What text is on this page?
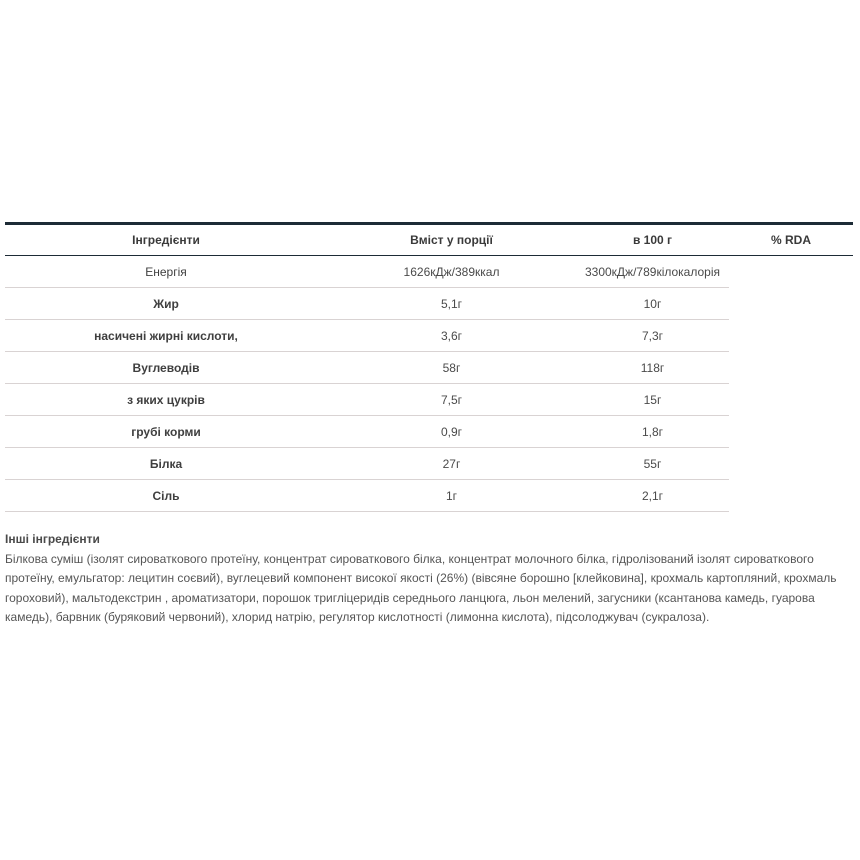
Інгредієнти	Вміст у порції	в 100 г	% RDA
Енергія	1626кДж/389ккал	3300кДж/789кілокалорія	
Жир	5,1г	10г	
насичені жирні кислоти,	3,6г	7,3г	
Вуглеводів	58г	118г	
з яких цукрів	7,5г	15г	
грубі корми	0,9г	1,8г	
Білка	27г	55г	
Сіль	1г	2,1г	
Інші інгредієнти
Білкова суміш (ізолят сироваткового протеїну, концентрат сироваткового білка, концентрат молочного білка, гідролізований ізолят сироваткового протеїну, емульгатор: лецитин соєвий), вуглецевий компонент високої якості (26%) (вівсяне борошно [клейковина], крохмаль картопляний, крохмаль гороховий), мальтодекстрин , ароматизатори, порошок тригліцеридів середнього ланцюга, льон мелений, загусники (ксантанова камедь, гуарова камедь), барвник (буряковий червоний), хлорид натрію, регулятор кислотності (лимонна кислота), підсолоджувач (сукралоза).
